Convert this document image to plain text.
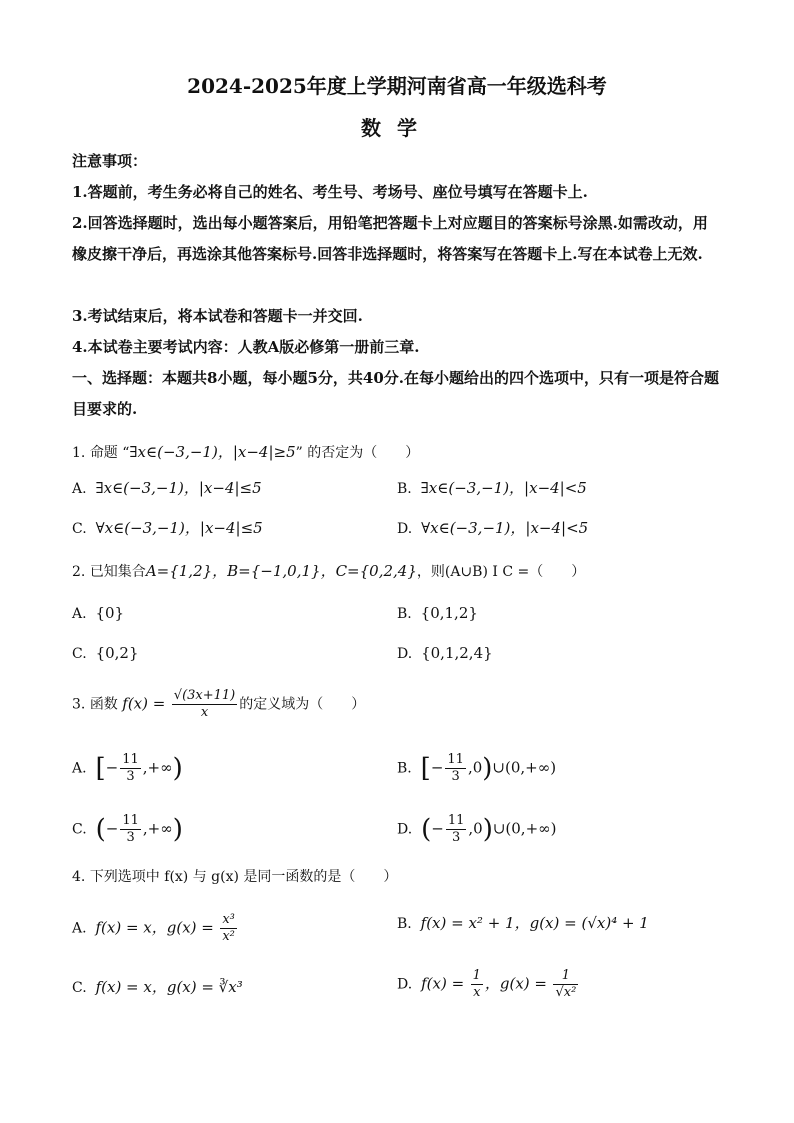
2024-2025年度上学期河南省高一年级选科考
数学
注意事项：
1.答题前，考生务必将自己的姓名、考生号、考场号、座位号填写在答题卡上.
2.回答选择题时，选出每小题答案后，用铅笔把答题卡上对应题目的答案标号涂黑.如需改动，用橡皮擦干净后，再选涂其他答案标号.回答非选择题时，将答案写在答题卡上.写在本试卷上无效.
3.考试结束后，将本试卷和答题卡一并交回.
4.本试卷主要考试内容：人教A版必修第一册前三章.
一、选择题：本题共8小题，每小题5分，共40分.在每小题给出的四个选项中，只有一项是符合题目要求的.
1. 命题 “∃x∈(−3,−1)，|x−4|≥5” 的否定为（　　）
A. ∃x∈(−3,−1)，|x−4|≤5	B. ∃x∈(−3,−1)，|x−4|<5
C. ∀x∈(−3,−1)，|x−4|≤5	D. ∀x∈(−3,−1)，|x−4|<5
2. 已知集合A={1,2}，B={−1,0,1}，C={0,2,4}，则(A∪B) I C =（　　）
A. {0}	B. {0,1,2}
C. {0,2}	D. {0,1,2,4}
3. 函数 $f(x) = \frac{√(3x+11)}{x}$ 的定义域为（　　）
A. [− $\frac{11}{3}$ ,+∞)	B. [− $\frac{11}{3}$ ,0)∪(0,+∞)
C. (− $\frac{11}{3}$ ,+∞)	D. (− $\frac{11}{3}$ ,0)∪(0,+∞)
4. 下列选项中 f(x) 与 g(x) 是同一函数的是（　　）
A. f(x) = x，$g(x) = \frac{\text{x³}}{\text{x²}}$	B. f(x) = x² + 1，g(x) = (√x)⁴ + 1
C. f(x) = x，g(x) = ∛x³	D. $f(x) = \frac{1}{x}$ ，$g(x) = \frac{1}{\text{√x²}}$
